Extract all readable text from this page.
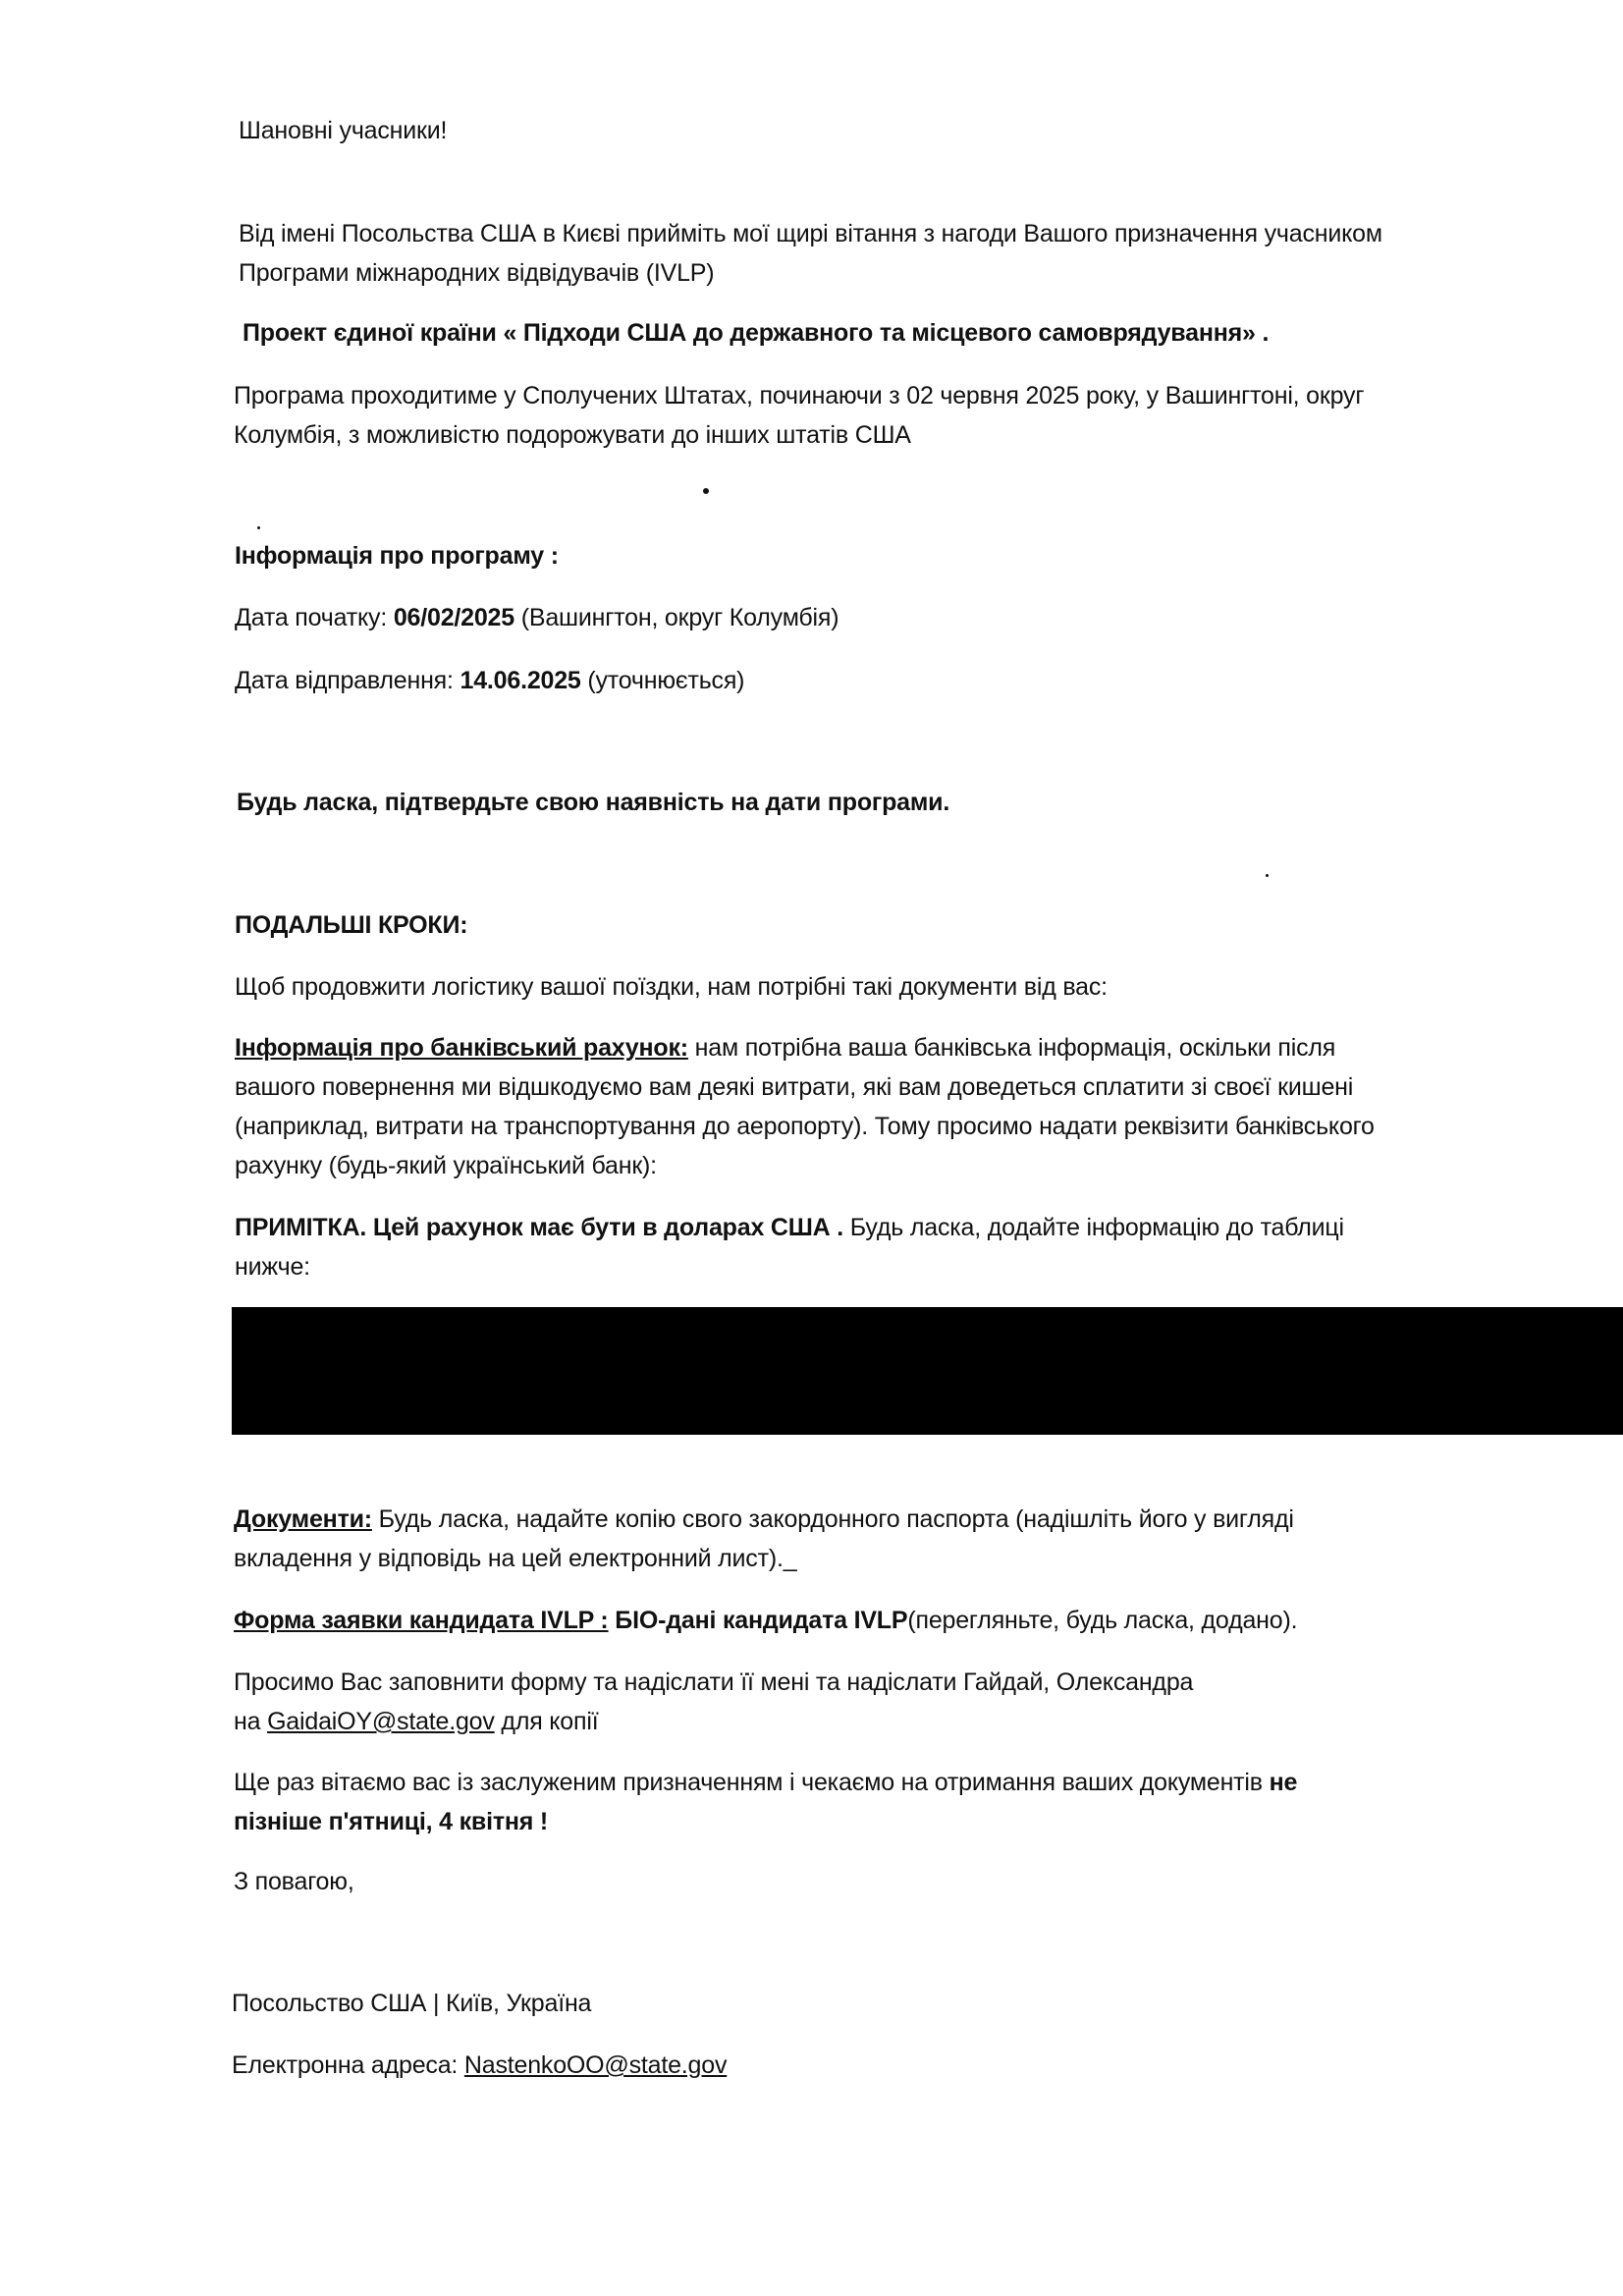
Шановні учасники!
Від імені Посольства США в Києві прийміть мої щирі вітання з нагоди Вашого призначення учасником
Програми міжнародних відвідувачів (IVLP)
Проект єдиної країни « Підходи США до державного та місцевого самоврядування» .
Програма проходитиме у Сполучених Штатах, починаючи з 02 червня 2025 року, у Вашингтоні, округ
Колумбія, з можливістю подорожувати до інших штатів США
Інформація про програму :
Дата початку: 06/02/2025 (Вашингтон, округ Колумбія)
Дата відправлення: 14.06.2025 (уточнюється)
Будь ласка, підтвердьте свою наявність на дати програми.
ПОДАЛЬШІ КРОКИ:
Щоб продовжити логістику вашої поїздки, нам потрібні такі документи від вас:
Інформація про банківський рахунок: нам потрібна ваша банківська інформація, оскільки після
вашого повернення ми відшкодуємо вам деякі витрати, які вам доведеться сплатити зі своєї кишені
(наприклад, витрати на транспортування до аеропорту). Тому просимо надати реквізити банківського
рахунку (будь-який український банк):
ПРИМІТКА. Цей рахунок має бути в доларах США . Будь ласка, додайте інформацію до таблиці
нижче:
Документи: Будь ласка, надайте копію свого закордонного паспорта (надішліть його у вигляді
вкладення у відповідь на цей електронний лист)._
Форма заявки кандидата IVLP : БІО-дані кандидата IVLP(перегляньте, будь ласка, додано).
Просимо Вас заповнити форму та надіслати її мені та надіслати Гайдай, Олександра
на GaidaiOY@state.gov для копії
Ще раз вітаємо вас із заслуженим призначенням і чекаємо на отримання ваших документів не
пізніше п'ятниці, 4 квітня !
З повагою,
Посольство США | Київ, Україна
Електронна адреса: NastenkoOO@state.gov
